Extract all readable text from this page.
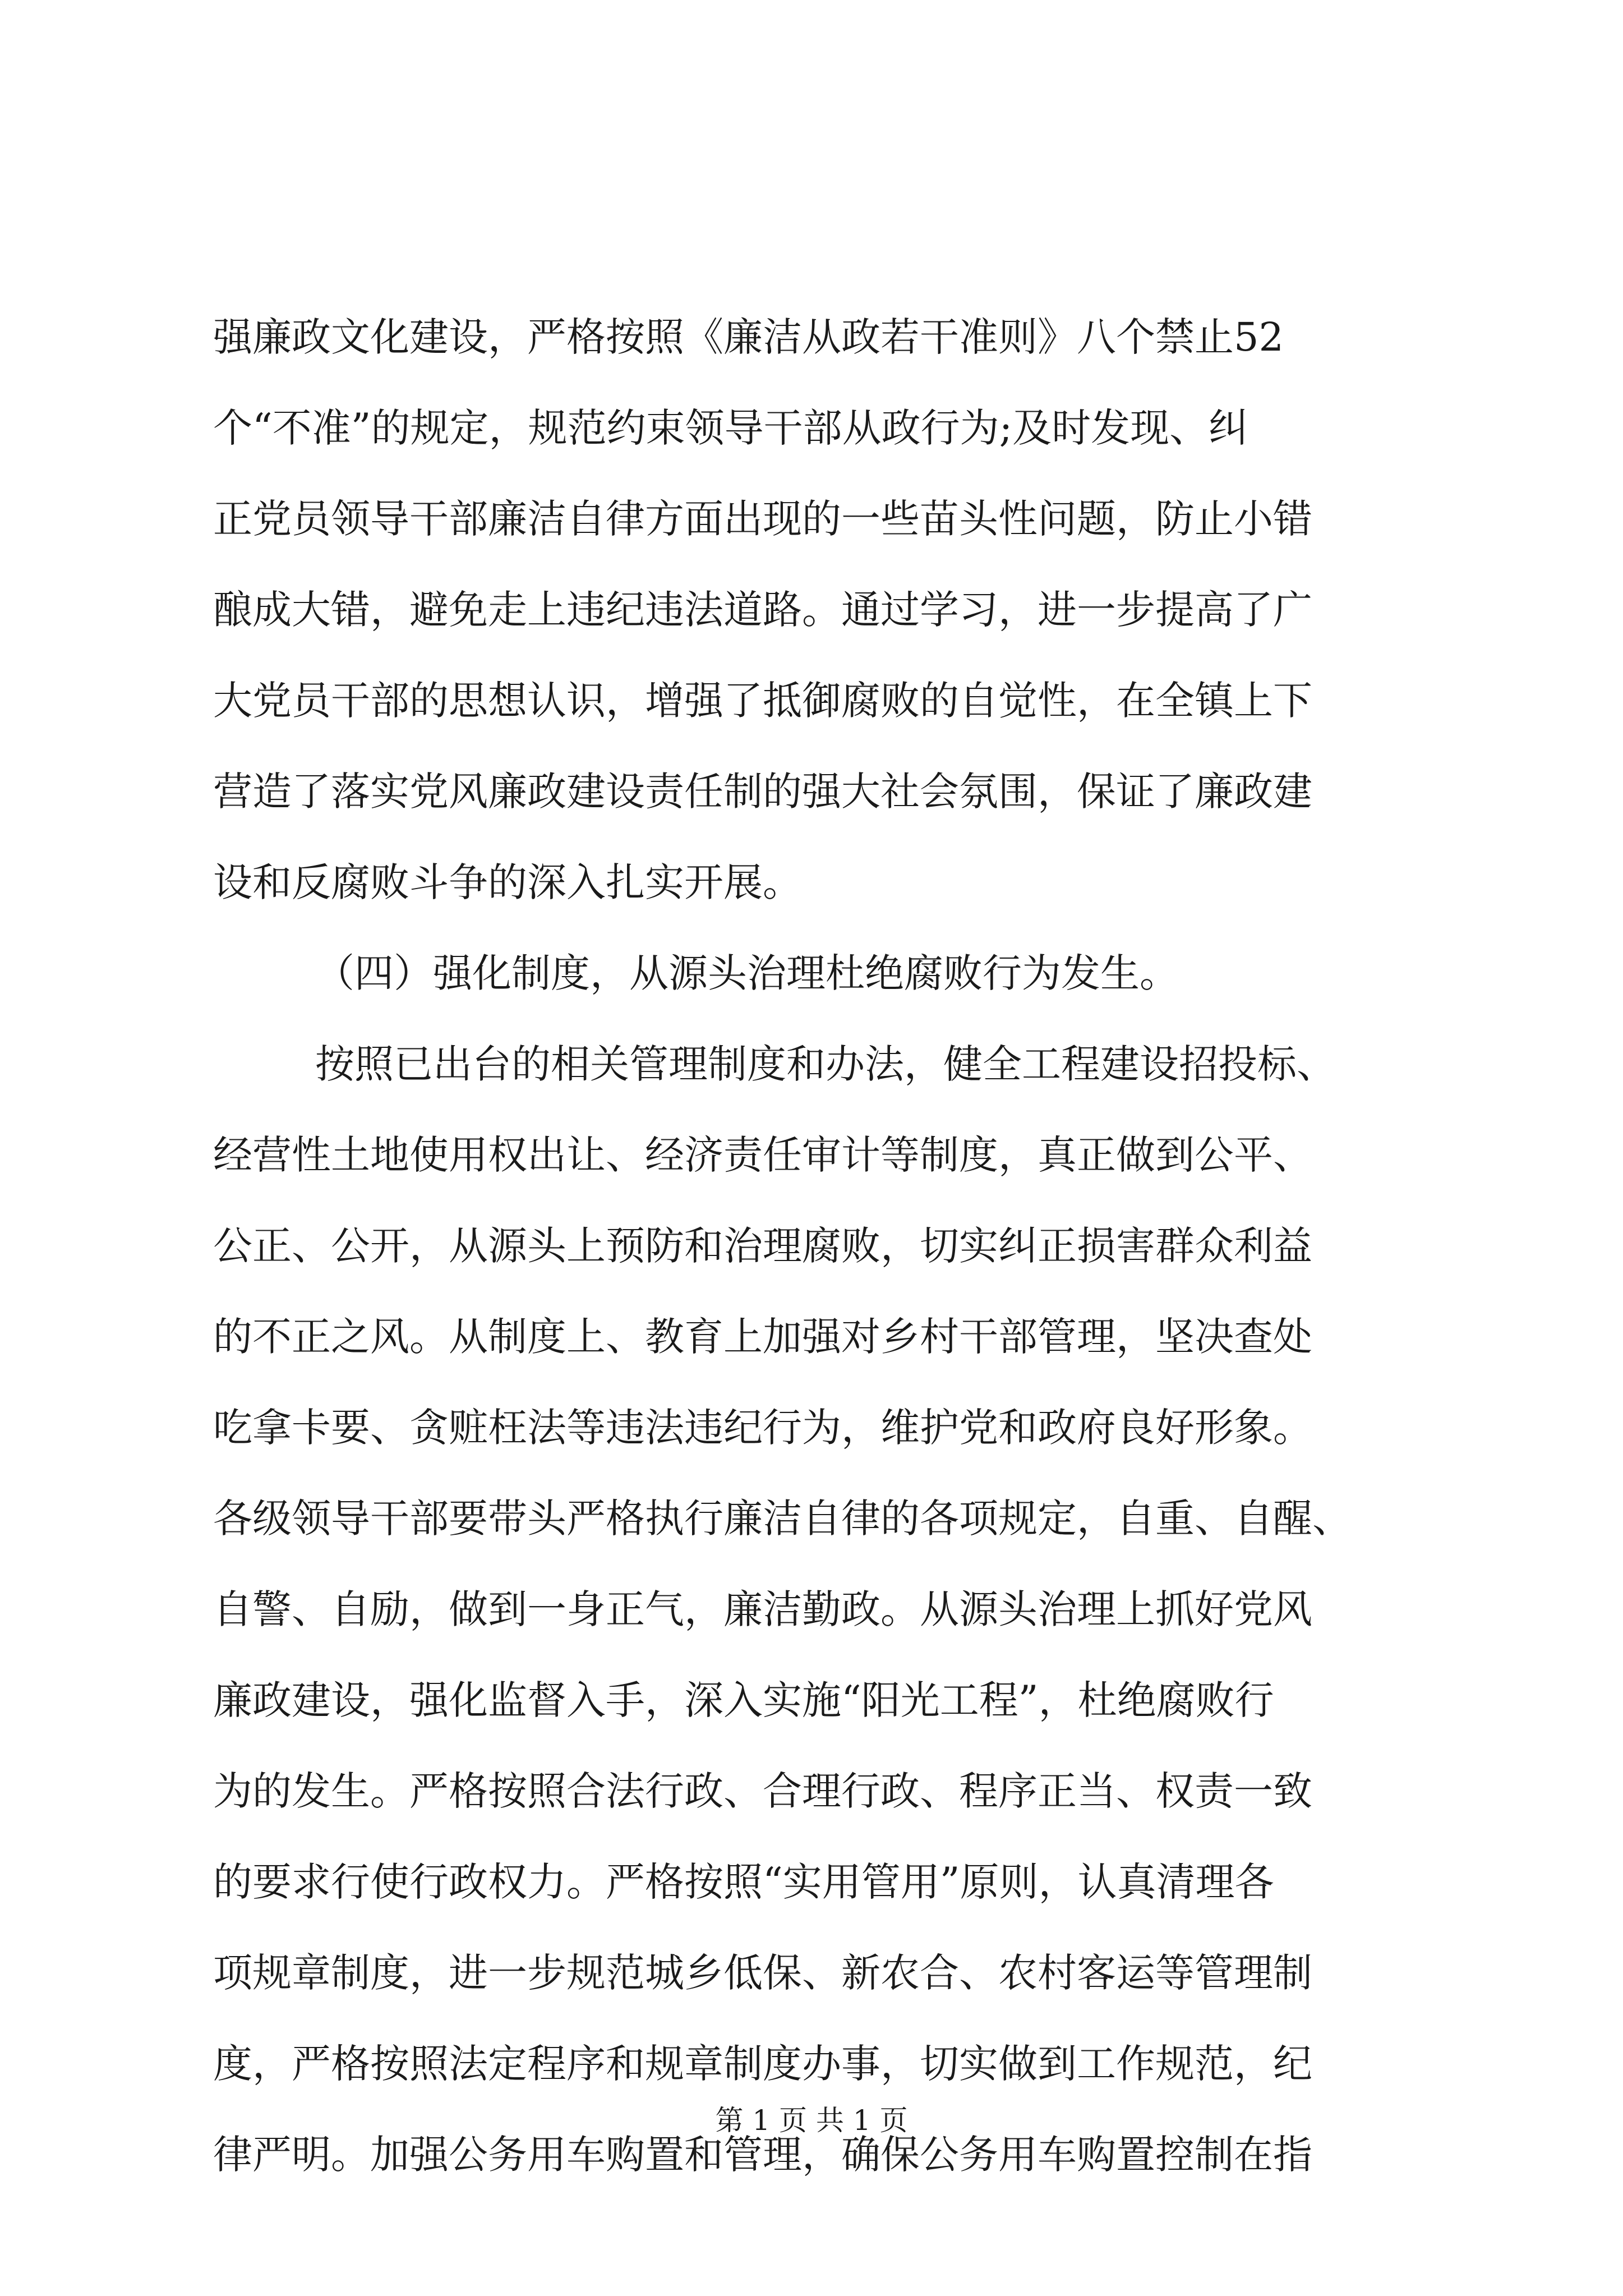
强廉政文化建设，严格按照《廉洁从政若干准则》八个禁止52
个“不准”的规定，规范约束领导干部从政行为;及时发现、纠
正党员领导干部廉洁自律方面出现的一些苗头性问题，防止小错
酿成大错，避免走上违纪违法道路。通过学习，进一步提高了广
大党员干部的思想认识，增强了抵御腐败的自觉性，在全镇上下
营造了落实党风廉政建设责任制的强大社会氛围，保证了廉政建
设和反腐败斗争的深入扎实开展。
（四）强化制度，从源头治理杜绝腐败行为发生。
按照已出台的相关管理制度和办法，健全工程建设招投标、
经营性土地使用权出让、经济责任审计等制度，真正做到公平、
公正、公开，从源头上预防和治理腐败，切实纠正损害群众利益
的不正之风。从制度上、教育上加强对乡村干部管理，坚决查处
吃拿卡要、贪赃枉法等违法违纪行为，维护党和政府良好形象。
各级领导干部要带头严格执行廉洁自律的各项规定，自重、自醒、
自警、自励，做到一身正气，廉洁勤政。从源头治理上抓好党风
廉政建设，强化监督入手，深入实施“阳光工程”，杜绝腐败行
为的发生。严格按照合法行政、合理行政、程序正当、权责一致
的要求行使行政权力。严格按照“实用管用”原则，认真清理各
项规章制度，进一步规范城乡低保、新农合、农村客运等管理制
度，严格按照法定程序和规章制度办事，切实做到工作规范，纪
律严明。加强公务用车购置和管理，确保公务用车购置控制在指
第 1 页 共 1 页
